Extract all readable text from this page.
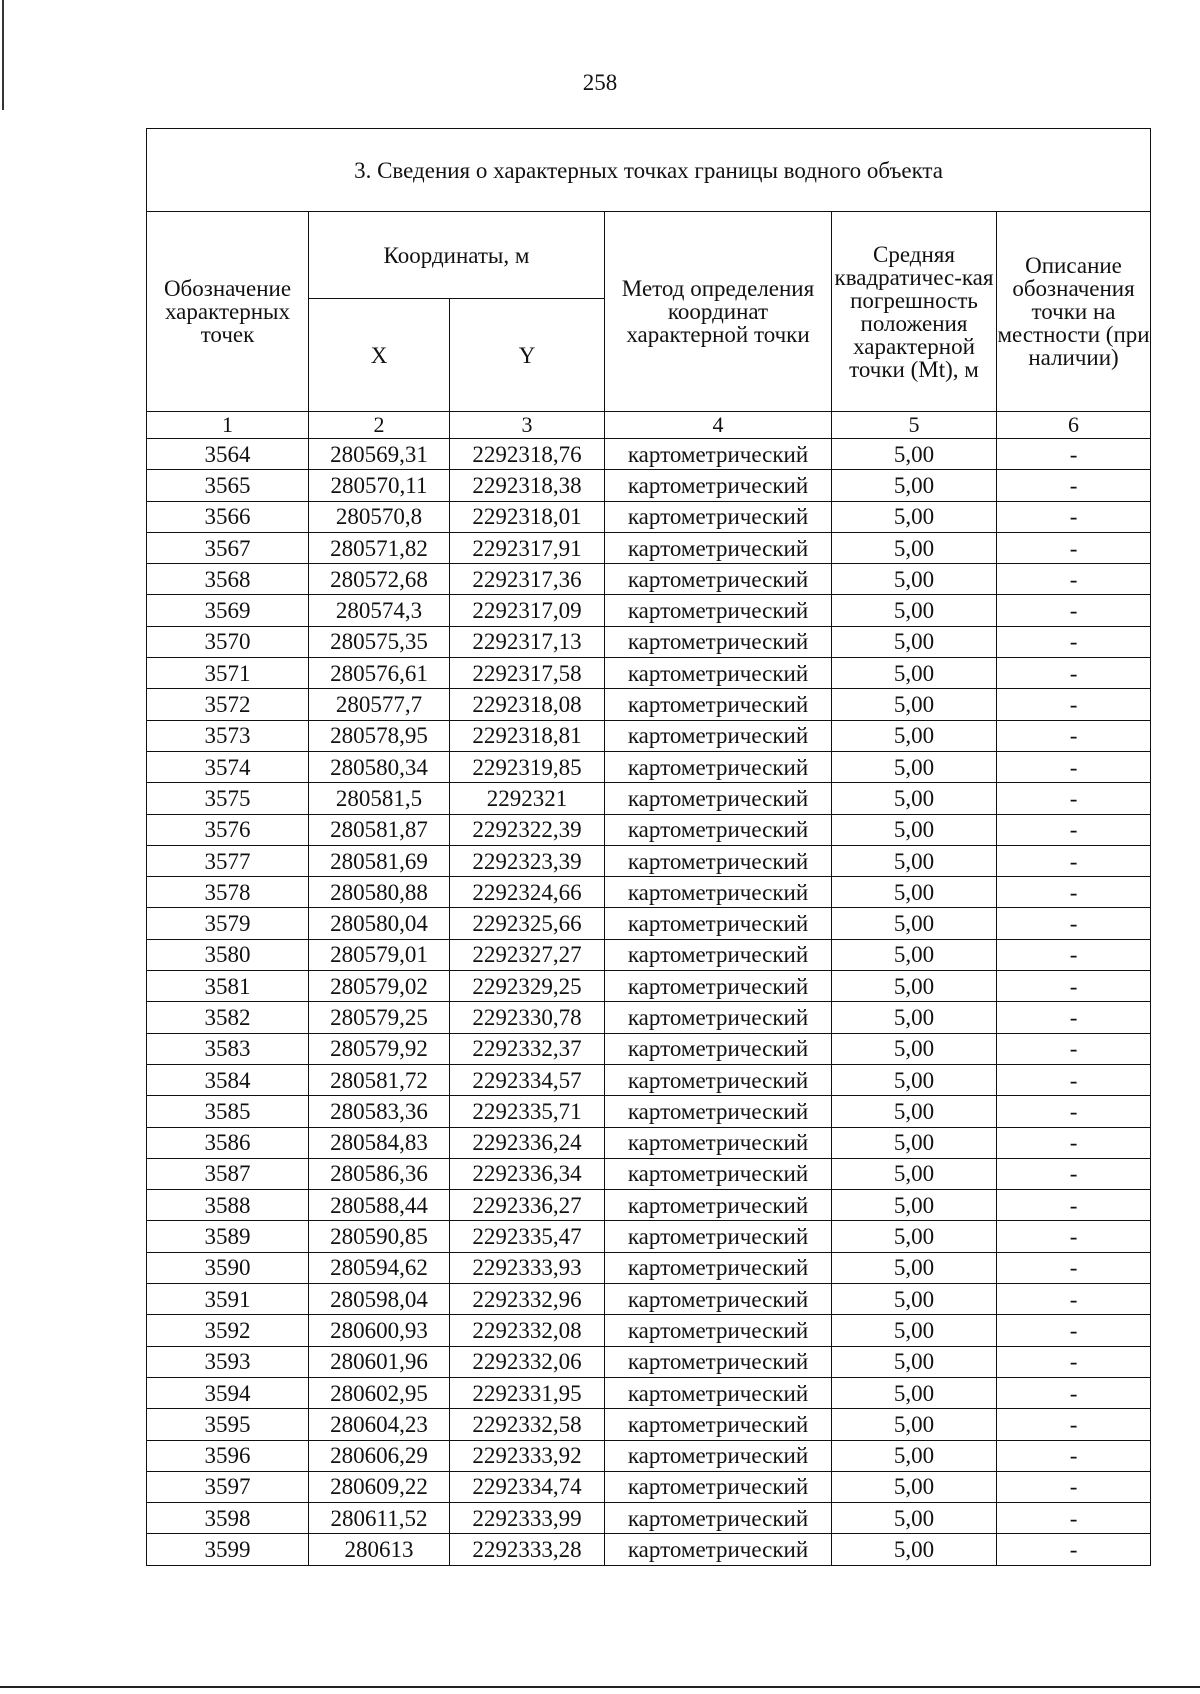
258
3. Сведения о характерных точках границы водного объекта					
Обозначение характерных точек	Координаты, м		Метод определения координат характерной точки	Средняя квадратичес-кая погрешность положения характерной точки (Mt), м	Описание обозначения точки на местности (при наличии)
	X	Y			
1	2	3	4	5	6
3564	280569,31	2292318,76	картометрический	5,00	-
3565	280570,11	2292318,38	картометрический	5,00	-
3566	280570,8	2292318,01	картометрический	5,00	-
3567	280571,82	2292317,91	картометрический	5,00	-
3568	280572,68	2292317,36	картометрический	5,00	-
3569	280574,3	2292317,09	картометрический	5,00	-
3570	280575,35	2292317,13	картометрический	5,00	-
3571	280576,61	2292317,58	картометрический	5,00	-
3572	280577,7	2292318,08	картометрический	5,00	-
3573	280578,95	2292318,81	картометрический	5,00	-
3574	280580,34	2292319,85	картометрический	5,00	-
3575	280581,5	2292321	картометрический	5,00	-
3576	280581,87	2292322,39	картометрический	5,00	-
3577	280581,69	2292323,39	картометрический	5,00	-
3578	280580,88	2292324,66	картометрический	5,00	-
3579	280580,04	2292325,66	картометрический	5,00	-
3580	280579,01	2292327,27	картометрический	5,00	-
3581	280579,02	2292329,25	картометрический	5,00	-
3582	280579,25	2292330,78	картометрический	5,00	-
3583	280579,92	2292332,37	картометрический	5,00	-
3584	280581,72	2292334,57	картометрический	5,00	-
3585	280583,36	2292335,71	картометрический	5,00	-
3586	280584,83	2292336,24	картометрический	5,00	-
3587	280586,36	2292336,34	картометрический	5,00	-
3588	280588,44	2292336,27	картометрический	5,00	-
3589	280590,85	2292335,47	картометрический	5,00	-
3590	280594,62	2292333,93	картометрический	5,00	-
3591	280598,04	2292332,96	картометрический	5,00	-
3592	280600,93	2292332,08	картометрический	5,00	-
3593	280601,96	2292332,06	картометрический	5,00	-
3594	280602,95	2292331,95	картометрический	5,00	-
3595	280604,23	2292332,58	картометрический	5,00	-
3596	280606,29	2292333,92	картометрический	5,00	-
3597	280609,22	2292334,74	картометрический	5,00	-
3598	280611,52	2292333,99	картометрический	5,00	-
3599	280613	2292333,28	картометрический	5,00	-
